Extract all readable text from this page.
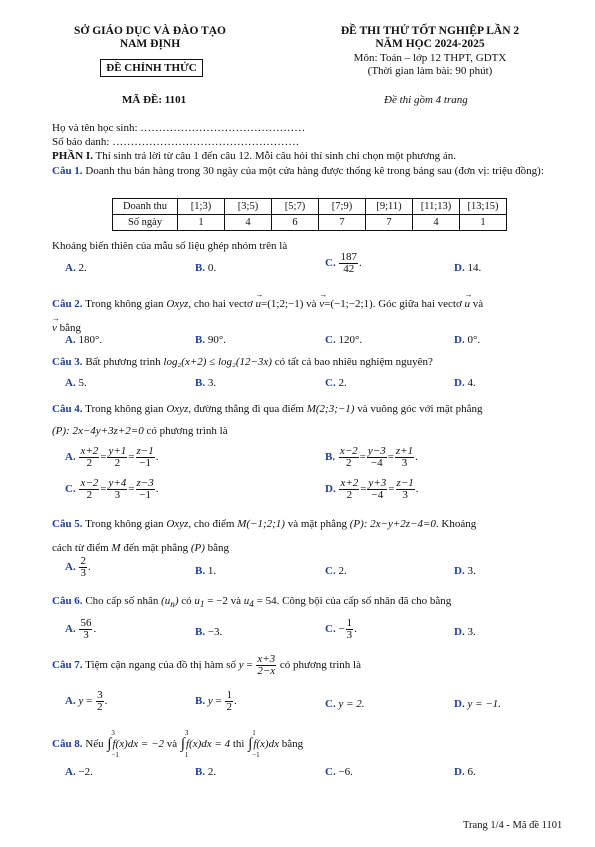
SỞ GIÁO DỤC VÀ ĐÀO TẠO
NAM ĐỊNH
ĐỀ CHÍNH THỨC
ĐỀ THI THỬ TỐT NGHIỆP LẦN 2
NĂM HỌC 2024-2025
Môn: Toán – lớp 12 THPT, GDTX
(Thời gian làm bài: 90 phút)
MÃ ĐỀ: 1101	Đề thi gồm 4 trang
Họ và tên học sinh: ………………………………………
Số báo danh: ……………………………………………
PHẦN I. Thí sinh trả lời từ câu 1 đến câu 12. Mỗi câu hỏi thí sinh chỉ chọn một phương án.
Câu 1. Doanh thu bán hàng trong 30 ngày của một cửa hàng được thống kê trong bảng sau (đơn vị: triệu đồng):
Doanh thu	[1;3)	[3;5)	[5;7)	[7;9)	[9;11)	[11;13)	[13;15)
Số ngày	1	4	6	7	7	4	1
Khoảng biến thiên của mẫu số liệu ghép nhóm trên là
A. 2.	B. 0.	C. $\frac{187}{42}$ .	D. 14.
Câu 2. Trong không gian Oxyz, cho hai vectơ → u=(1;2;−1) và → v=(−1;−2;1). Góc giữa hai vectơ → u và
→ v bằng
A. 180°.	B. 90°.	C. 120°.	D. 0°.
Câu 3. Bất phương trình log₂(x+2) ≤ log₂(12−3x) có tất cả bao nhiêu nghiệm nguyên?
A. 5.	B. 3.	C. 2.	D. 4.
Câu 4. Trong không gian Oxyz, đường thẳng đi qua điểm M(2;3;−1) và vuông góc với mặt phẳng
(P): 2x−4y+3z+2=0 có phương trình là
A. $\frac{x+2}{2} = \frac{y+1}{2} = \frac{z-1}{-1}$ .	B. $\frac{x-2}{2} = \frac{y-3}{-4} = \frac{z+1}{3}$ .
C. $\frac{x-2}{2} = \frac{y+4}{3} = \frac{z-3}{-1}$ .	D. $\frac{x+2}{2} = \frac{y+3}{-4} = \frac{z-1}{3}$ .
Câu 5. Trong không gian Oxyz, cho điểm M(−1;2;1) và mặt phẳng (P): 2x−y+2z−4=0. Khoảng
cách từ điểm M đến mặt phẳng (P) bằng
A. $\frac{2}{3}$ .	B. 1.	C. 2.	D. 3.
Câu 6. Cho cấp số nhân $(u_n)$ có $u_1 = -2$ và $u_4 = 54$. Công bội của cấp số nhân đã cho bằng
A. $\frac{56}{3}$ .	B. −3.	C. − $\frac{1}{3}$ .	D. 3.
Câu 7. Tiệm cận ngang của đồ thị hàm số $y = \frac{x+3}{2-x}$ có phương trình là
A. $y = \frac{3}{2}$ .	B. $y = \frac{1}{2}$ .	C. y = 2.	D. y = −1.
Câu 8. Nếu ∫
3
−1
f(x)dx = −2 và ∫
3
1
f(x)dx = 4 thì ∫
1
−1
f(x)dx bằng
A. −2.	B. 2.	C. −6.	D. 6.
Trang 1/4 - Mã đề 1101
